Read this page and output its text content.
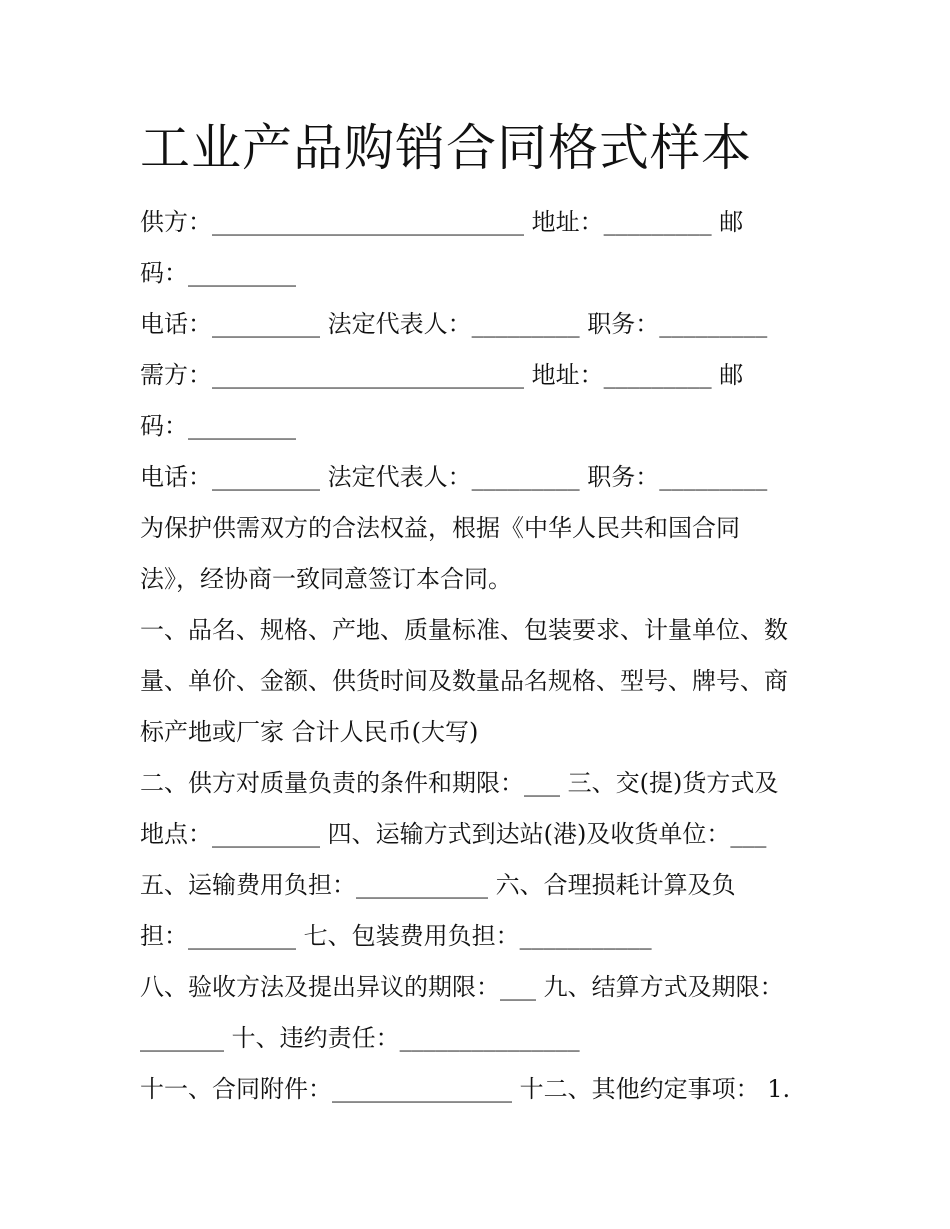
工业产品购销合同格式样本
供方：__________________________ 地址：_________ 邮
码：_________
电话：_________ 法定代表人：_________ 职务：_________
需方：__________________________ 地址：_________ 邮
码：_________
电话：_________ 法定代表人：_________ 职务：_________
为保护供需双方的合法权益，根据《中华人民共和国合同
法》，经协商一致同意签订本合同。
一、品名、规格、产地、质量标准、包装要求、计量单位、数
量、单价、金额、供货时间及数量品名规格、型号、牌号、商
标产地或厂家 合计人民币(大写)
二、供方对质量负责的条件和期限：___ 三、交(提)货方式及
地点：_________ 四、运输方式到达站(港)及收货单位：___
五、运输费用负担：___________ 六、合理损耗计算及负
担：_________ 七、包装费用负担：___________
八、验收方法及提出异议的期限：___ 九、结算方式及期限：
_______ 十、违约责任：_______________
十一、合同附件：_______________ 十二、其他约定事项： 1.
